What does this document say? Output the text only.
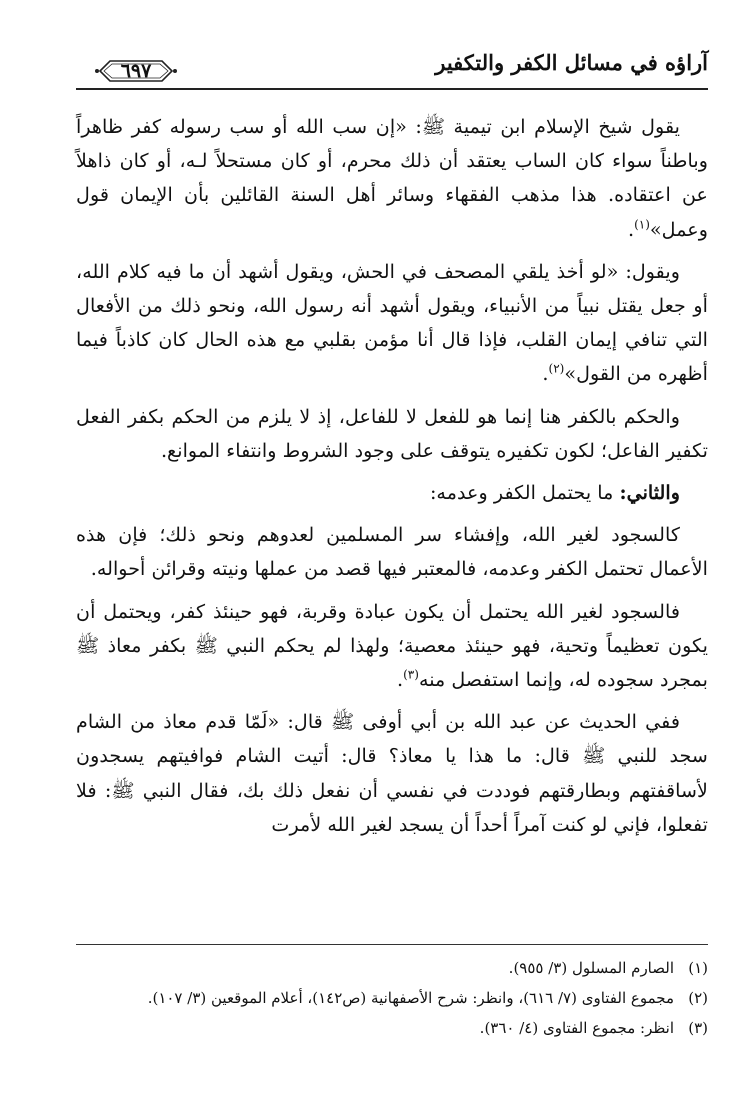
آراؤه في مسائل الكفر والتكفير
٦٩٧

يقول شيخ الإسلام ابن تيمية ﷺ: «إن سب الله أو سب رسوله كفر ظاهراً وباطناً سواء كان الساب يعتقد أن ذلك محرم، أو كان مستحلاً لـه، أو كان ذاهلاً عن اعتقاده. هذا مذهب الفقهاء وسائر أهل السنة القائلين بأن الإيمان قول وعمل»$^{(١)}$.

ويقول: «لو أخذ يلقي المصحف في الحش، ويقول أشهد أن ما فيه كلام الله، أو جعل يقتل نبياً من الأنبياء، ويقول أشهد أنه رسول الله، ونحو ذلك من الأفعال التي تنافي إيمان القلب، فإذا قال أنا مؤمن بقلبي مع هذه الحال كان كاذباً فيما أظهره من القول»$^{(٢)}$.

والحكم بالكفر هنا إنما هو للفعل لا للفاعل، إذ لا يلزم من الحكم بكفر الفعل تكفير الفاعل؛ لكون تكفيره يتوقف على وجود الشروط وانتفاء الموانع.

والثاني: ما يحتمل الكفر وعدمه:

كالسجود لغير الله، وإفشاء سر المسلمين لعدوهم ونحو ذلك؛ فإن هذه الأعمال تحتمل الكفر وعدمه، فالمعتبر فيها قصد من عملها ونيته وقرائن أحواله.

فالسجود لغير الله يحتمل أن يكون عبادة وقربة، فهو حينئذ كفر، ويحتمل أن يكون تعظيماً وتحية، فهو حينئذ معصية؛ ولهذا لم يحكم النبي ﷺ بكفر معاذ ﷺ بمجرد سجوده له، وإنما استفصل منه$^{(٣)}$.

ففي الحديث عن عبد الله بن أبي أوفى ﷺ قال: «لَمّا قدم معاذ من الشام سجد للنبي ﷺ قال: ما هذا يا معاذ؟ قال: أتيت الشام فوافيتهم يسجدون لأساقفتهم وبطارقتهم فوددت في نفسي أن نفعل ذلك بك، فقال النبي ﷺ: فلا تفعلوا، فإني لو كنت آمراً أحداً أن يسجد لغير الله لأمرت

(١)
الصارم المسلول (٣/ ٩٥٥).
(٢)
مجموع الفتاوى (٧/ ٦١٦)، وانظر: شرح الأصفهانية (ص١٤٢)، أعلام الموقعين (٣/ ١٠٧).
(٣)
انظر: مجموع الفتاوى (٤/ ٣٦٠).
